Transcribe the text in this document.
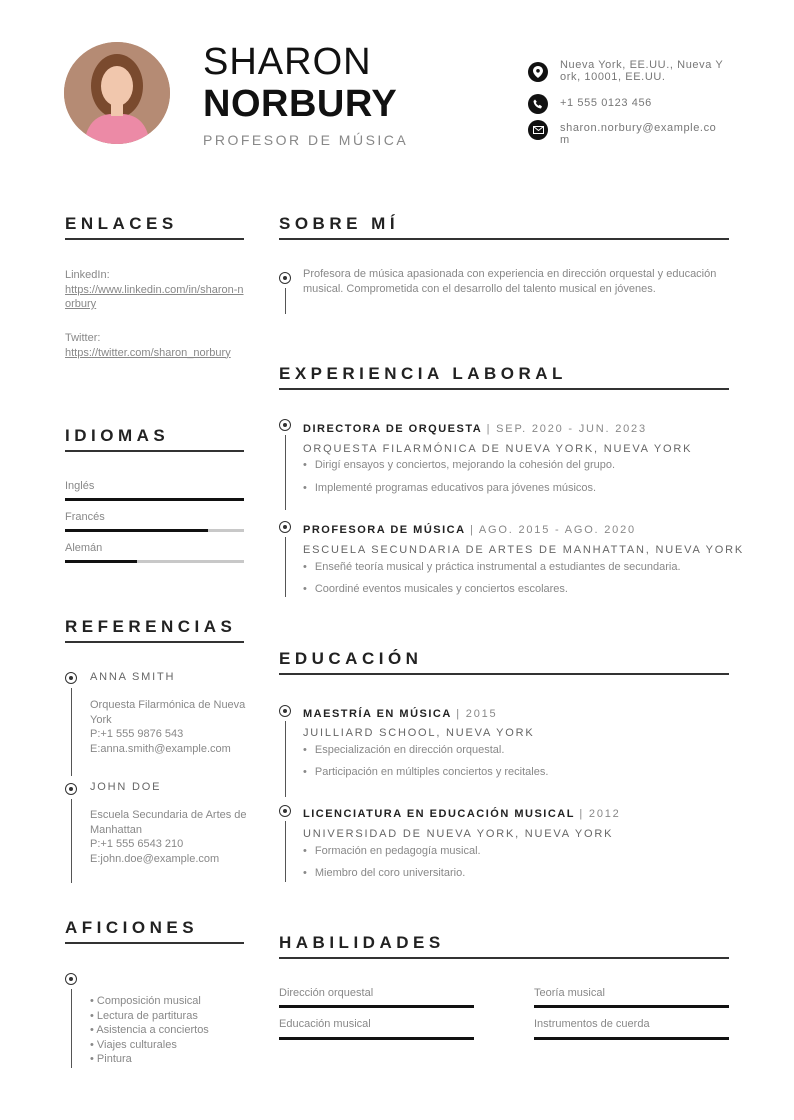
SHARON
NORBURY
PROFESOR DE MÚSICA
Nueva York, EE.UU., Nueva York, 10001, EE.UU.
+1 555 0123 456
sharon.norbury@example.com
ENLACES
LinkedIn:
https://www.linkedin.com/in/sharon-norbury
Twitter:
https://twitter.com/sharon_norbury
IDIOMAS
Inglés
Francés
Alemán
REFERENCIAS
ANNA SMITH
Orquesta Filarmónica de Nueva York
P:+1 555 9876 543
E:anna.smith@example.com
JOHN DOE
Escuela Secundaria de Artes de Manhattan
P:+1 555 6543 210
E:john.doe@example.com
AFICIONES
• Composición musical
• Lectura de partituras
• Asistencia a conciertos
• Viajes culturales
• Pintura
SOBRE MÍ
Profesora de música apasionada con experiencia en dirección orquestal y educación musical. Comprometida con el desarrollo del talento musical en jóvenes.
EXPERIENCIA LABORAL
DIRECTORA DE ORQUESTA | SEP. 2020 - JUN. 2023
ORQUESTA FILARMÓNICA DE NUEVA YORK, NUEVA YORK
• Dirigí ensayos y conciertos, mejorando la cohesión del grupo.
• Implementé programas educativos para jóvenes músicos.
PROFESORA DE MÚSICA | AGO. 2015 - AGO. 2020
ESCUELA SECUNDARIA DE ARTES DE MANHATTAN, NUEVA YORK
• Enseñé teoría musical y práctica instrumental a estudiantes de secundaria.
• Coordiné eventos musicales y conciertos escolares.
EDUCACIÓN
MAESTRÍA EN MÚSICA | 2015
JUILLIARD SCHOOL, NUEVA YORK
• Especialización en dirección orquestal.
• Participación en múltiples conciertos y recitales.
LICENCIATURA EN EDUCACIÓN MUSICAL | 2012
UNIVERSIDAD DE NUEVA YORK, NUEVA YORK
• Formación en pedagogía musical.
• Miembro del coro universitario.
HABILIDADES
Dirección orquestal	Teoría musical
Educación musical	Instrumentos de cuerda
